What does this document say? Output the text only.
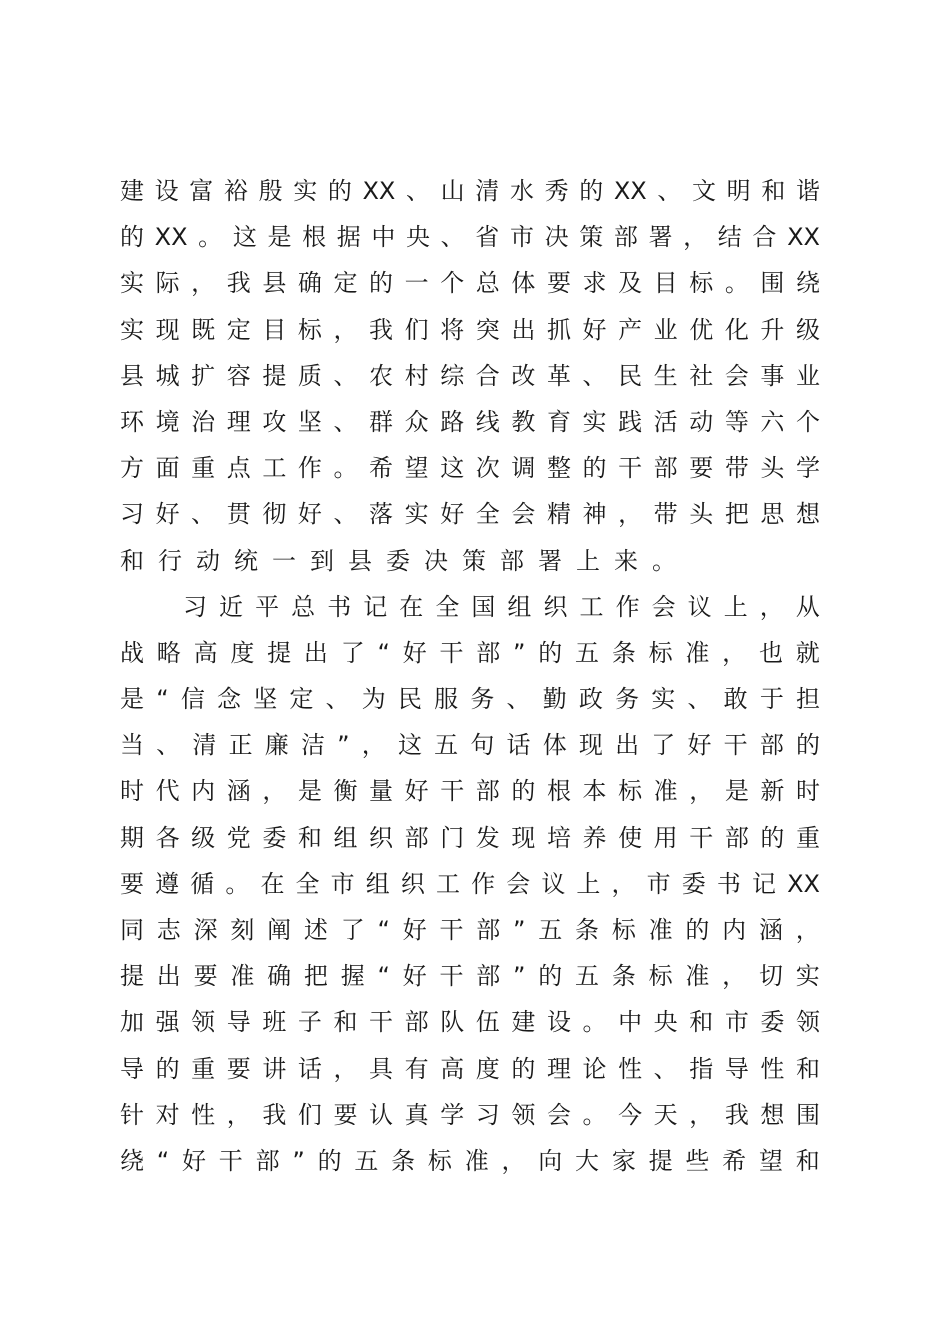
建 设 富 裕 殷 实 的 XX 、 山 清 水 秀 的 XX 、 文 明 和 谐
的 XX 。 这 是 根 据 中 央 、 省 市 决 策 部 署 ， 结 合 XX
实 际 ， 我 县 确 定 的 一 个 总 体 要 求 及 目 标 。 围 绕
实 现 既 定 目 标 ， 我 们 将 突 出 抓 好 产 业 优 化 升 级
县 城 扩 容 提 质 、 农 村 综 合 改 革 、 民 生 社 会 事 业
环 境 治 理 攻 坚 、 群 众 路 线 教 育 实 践 活 动 等 六 个
方 面 重 点 工 作 。 希 望 这 次 调 整 的 干 部 要 带 头 学
习 好 、 贯 彻 好 、 落 实 好 全 会 精 神 ， 带 头 把 思 想
和 行 动 统 一 到 县 委 决 策 部 署 上 来 。
习 近 平 总 书 记 在 全 国 组 织 工 作 会 议 上 ， 从
战 略 高 度 提 出 了 “ 好 干 部 ” 的 五 条 标 准 ， 也 就
是 “ 信 念 坚 定 、 为 民 服 务 、 勤 政 务 实 、 敢 于 担
当 、 清 正 廉 洁 ” ， 这 五 句 话 体 现 出 了 好 干 部 的
时 代 内 涵 ， 是 衡 量 好 干 部 的 根 本 标 准 ， 是 新 时
期 各 级 党 委 和 组 织 部 门 发 现 培 养 使 用 干 部 的 重
要 遵 循 。 在 全 市 组 织 工 作 会 议 上 ， 市 委 书 记 XX
同 志 深 刻 阐 述 了 “ 好 干 部 ” 五 条 标 准 的 内 涵 ，
提 出 要 准 确 把 握 “ 好 干 部 ” 的 五 条 标 准 ， 切 实
加 强 领 导 班 子 和 干 部 队 伍 建 设 。 中 央 和 市 委 领
导 的 重 要 讲 话 ， 具 有 高 度 的 理 论 性 、 指 导 性 和
针 对 性 ， 我 们 要 认 真 学 习 领 会 。 今 天 ， 我 想 围
绕 “ 好 干 部 ” 的 五 条 标 准 ， 向 大 家 提 些 希 望 和
